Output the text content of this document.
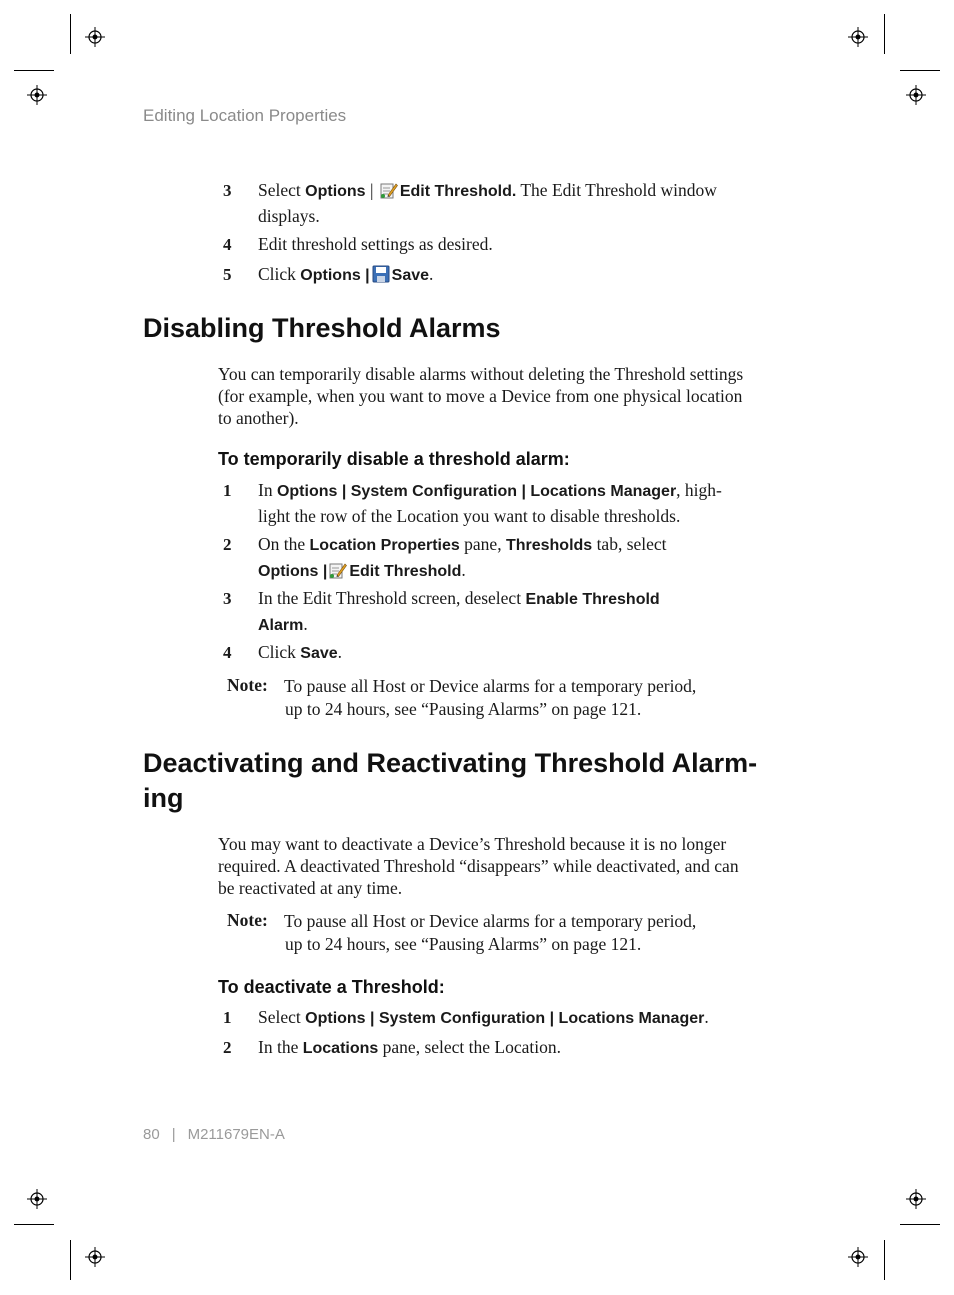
Editing Location Properties
3 Select Options | Edit Threshold. The Edit Threshold window
displays.
4 Edit threshold settings as desired.
5 Click Options | Save.
Disabling Threshold Alarms
You can temporarily disable alarms without deleting the Threshold settings (for example, when you want to move a Device from one physical location to another).
To temporarily disable a threshold alarm:
1 In Options | System Configuration | Locations Manager, high-
light the row of the Location you want to disable thresholds.
2 On the Location Properties pane, Thresholds tab, select
Options | Edit Threshold.
3 In the Edit Threshold screen, deselect Enable Threshold
Alarm.
4 Click Save.
Note: To pause all Host or Device alarms for a temporary period,
up to 24 hours, see “Pausing Alarms” on page 121.
Deactivating and Reactivating Threshold Alarm-
ing
You may want to deactivate a Device’s Threshold because it is no longer required. A deactivated Threshold “disappears” while deactivated, and can be reactivated at any time.
Note: To pause all Host or Device alarms for a temporary period,
up to 24 hours, see “Pausing Alarms” on page 121.
To deactivate a Threshold:
1 Select Options | System Configuration | Locations Manager.
2 In the Locations pane, select the Location.
80 | M211679EN-A
